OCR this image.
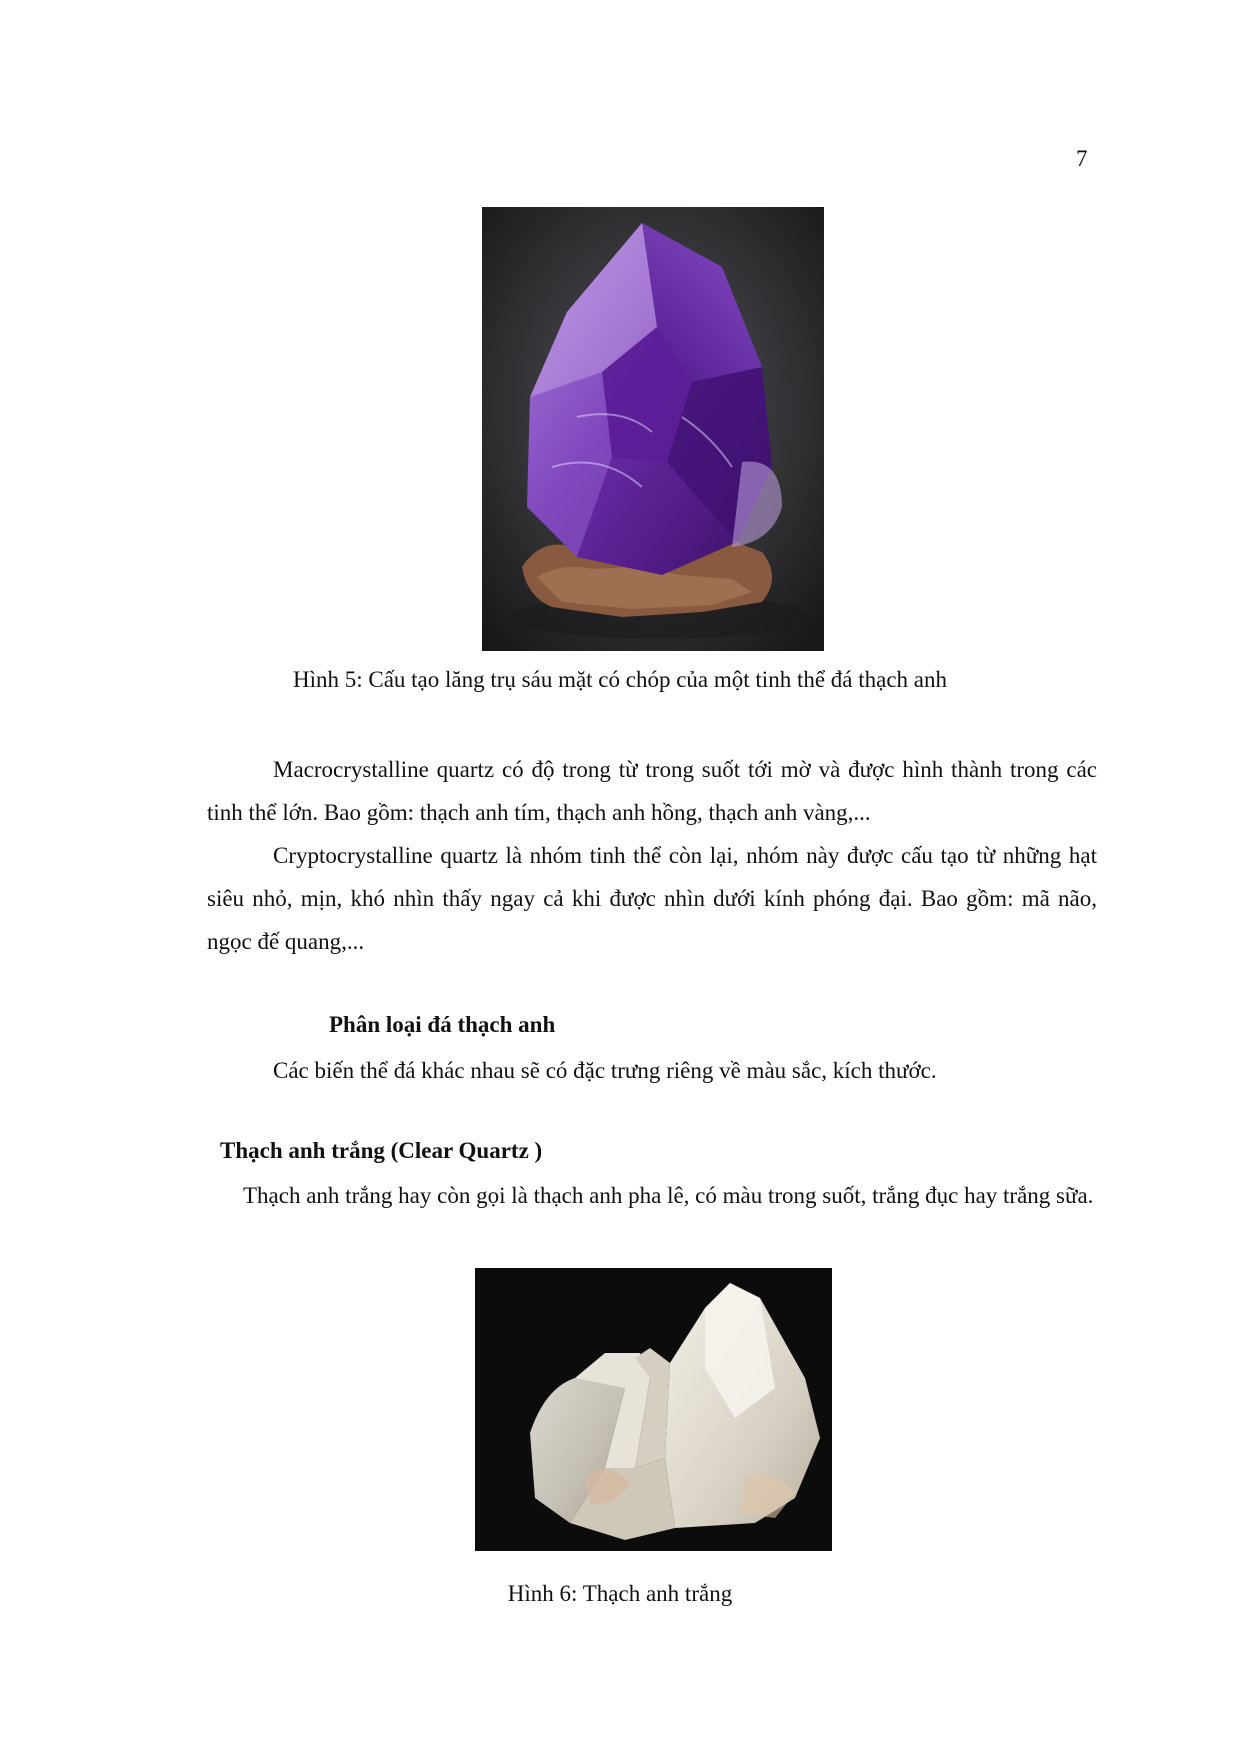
7
Hình 5: Cấu tạo lăng trụ sáu mặt có chóp của một tinh thể đá thạch anh
Macrocrystalline quartz có độ trong từ trong suốt tới mờ và được hình thành trong các tinh thể lớn. Bao gồm: thạch anh tím, thạch anh hồng, thạch anh vàng,...
Cryptocrystalline quartz là nhóm tinh thể còn lại, nhóm này được cấu tạo từ những hạt siêu nhỏ, mịn, khó nhìn thấy ngay cả khi được nhìn dưới kính phóng đại. Bao gồm: mã não, ngọc đế quang,...
Phân loại đá thạch anh
Các biến thể đá khác nhau sẽ có đặc trưng riêng về màu sắc, kích thước.
Thạch anh trắng (Clear Quartz )
Thạch anh trắng hay còn gọi là thạch anh pha lê, có màu trong suốt, trắng đục hay trắng sữa.
Hình 6: Thạch anh trắng
